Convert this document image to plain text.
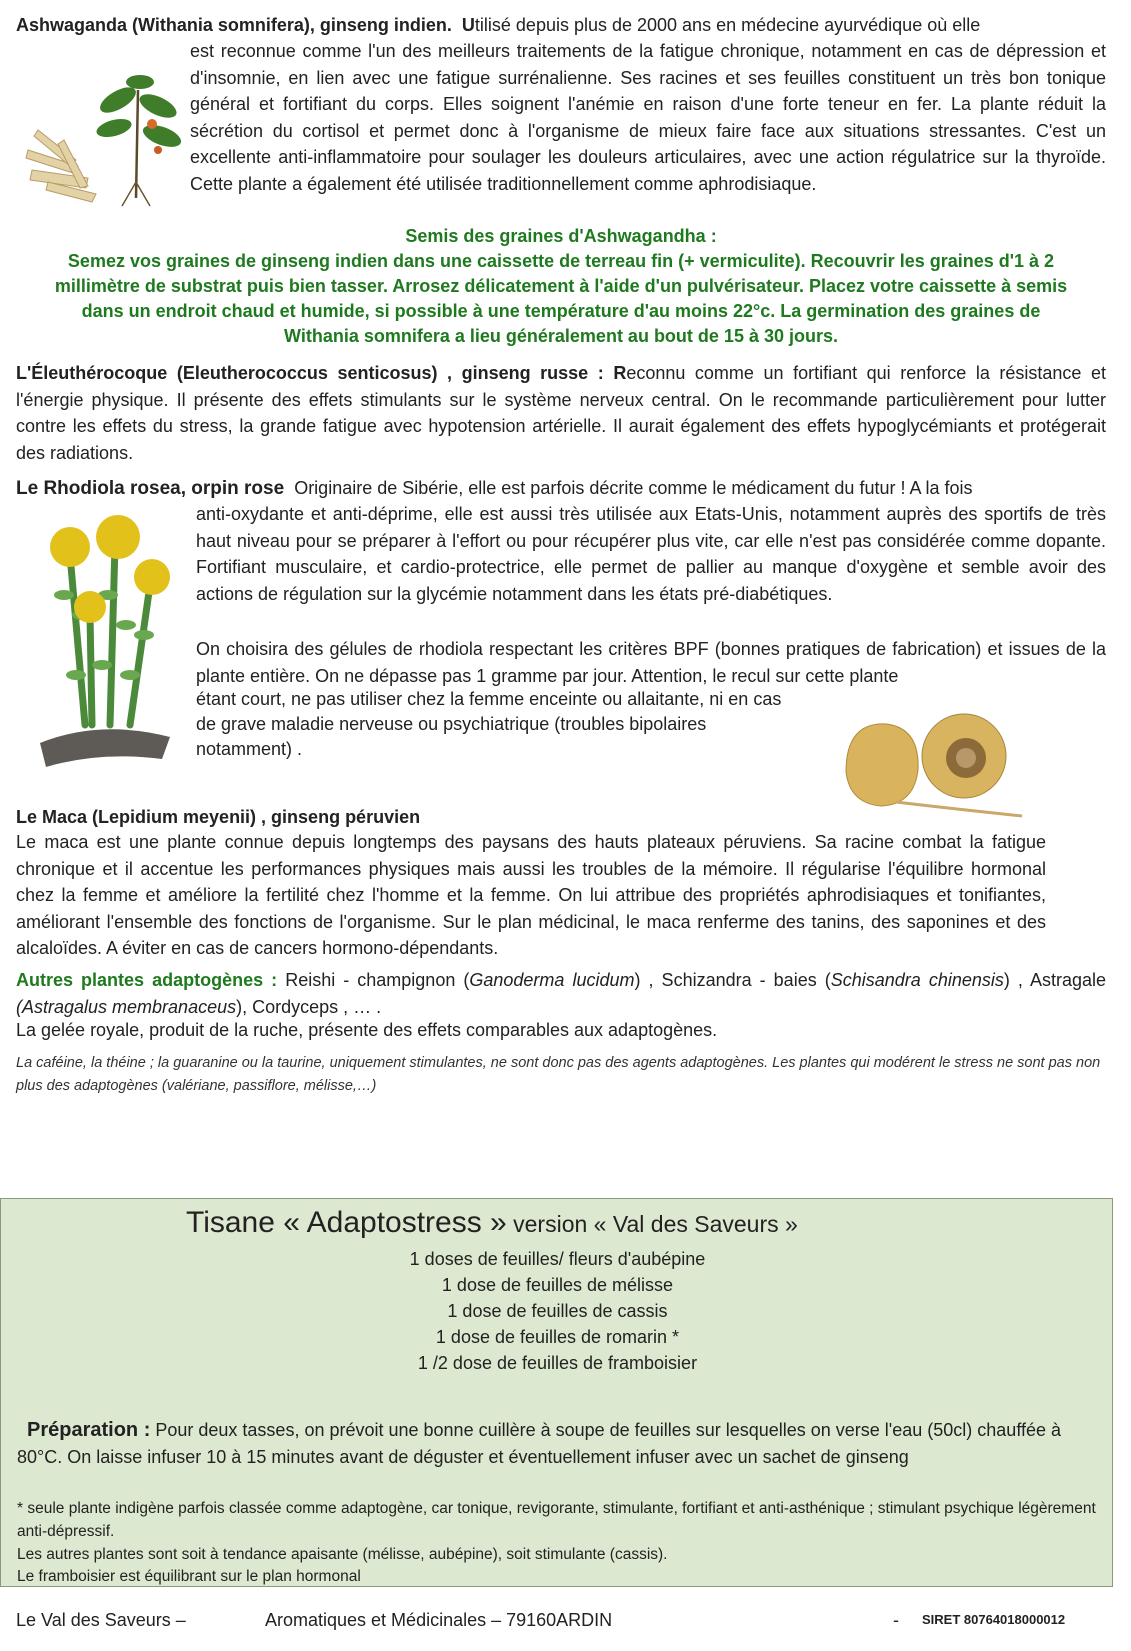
Ashwaganda (Withania somnifera), ginseng indien. Utilisé depuis plus de 2000 ans en médecine ayurvédique où elle
est reconnue comme l'un des meilleurs traitements de la fatigue chronique, notamment en cas de dépression et d'insomnie, en lien avec une fatigue surrénalienne. Ses racines et ses feuilles constituent un très bon tonique général et fortifiant du corps. Elles soignent l'anémie en raison d'une forte teneur en fer. La plante réduit la sécrétion du cortisol et permet donc à l'organisme de mieux faire face aux situations stressantes. C'est un excellente anti-inflammatoire pour soulager les douleurs articulaires, avec une action régulatrice sur la thyroïde. Cette plante a également été utilisée traditionnellement comme aphrodisiaque.
Semis des graines d'Ashwagandha :
Semez vos graines de ginseng indien dans une caissette de terreau fin (+ vermiculite). Recouvrir les graines d'1 à 2
millimètre de substrat puis bien tasser. Arrosez délicatement à l'aide d'un pulvérisateur. Placez votre caissette à semis
dans un endroit chaud et humide, si possible à une température d'au moins 22°c. La germination des graines de
Withania somnifera a lieu généralement au bout de 15 à 30 jours.
L'Éleuthérocoque (Eleutherococcus senticosus) , ginseng russe : Reconnu comme un fortifiant qui renforce la résistance et l'énergie physique. Il présente des effets stimulants sur le système nerveux central. On le recommande particulièrement pour lutter contre les effets du stress, la grande fatigue avec hypotension artérielle. Il aurait également des effets hypoglycémiants et protégerait des radiations.
Le Rhodiola rosea, orpin rose Originaire de Sibérie, elle est parfois décrite comme le médicament du futur ! A la fois
anti-oxydante et anti-déprime, elle est aussi très utilisée aux Etats-Unis, notamment auprès des sportifs de très haut niveau pour se préparer à l'effort ou pour récupérer plus vite, car elle n'est pas considérée comme dopante. Fortifiant musculaire, et cardio-protectrice, elle permet de pallier au manque d'oxygène et semble avoir des actions de régulation sur la glycémie notamment dans les états pré-diabétiques.
On choisira des gélules de rhodiola respectant les critères BPF (bonnes pratiques de fabrication) et issues de la plante entière. On ne dépasse pas 1 gramme par jour. Attention, le recul sur cette plante
étant court, ne pas utiliser chez la femme enceinte ou allaitante, ni en cas
de grave maladie nerveuse ou psychiatrique (troubles bipolaires
notamment) .
Le Maca (Lepidium meyenii) , ginseng péruvien
Le maca est une plante connue depuis longtemps des paysans des hauts plateaux péruviens. Sa racine combat la fatigue chronique et il accentue les performances physiques mais aussi les troubles de la mémoire. Il régularise l'équilibre hormonal chez la femme et améliore la fertilité chez l'homme et la femme. On lui attribue des propriétés aphrodisiaques et tonifiantes, améliorant l'ensemble des fonctions de l'organisme. Sur le plan médicinal, le maca renferme des tanins, des saponines et des alcaloïdes. A éviter en cas de cancers hormono-dépendants.
Autres plantes adaptogènes : Reishi - champignon (Ganoderma lucidum) , Schizandra - baies (Schisandra chinensis) , Astragale (Astragalus membranaceus), Cordyceps , … .
La gelée royale, produit de la ruche, présente des effets comparables aux adaptogènes.
La caféine, la théine ; la guaranine ou la taurine, uniquement stimulantes, ne sont donc pas des agents adaptogènes. Les plantes qui modérent le stress ne sont pas non plus des adaptogènes (valériane, passiflore, mélisse,…)
Tisane « Adaptostress » version « Val des Saveurs »
1 doses de feuilles/ fleurs d'aubépine
1 dose de feuilles de mélisse
1 dose de feuilles de cassis
1 dose de feuilles de romarin *
1 /2 dose de feuilles de framboisier
Préparation : Pour deux tasses, on prévoit une bonne cuillère à soupe de feuilles sur lesquelles on verse l'eau (50cl) chauffée à 80°C. On laisse infuser 10 à 15 minutes avant de déguster et éventuellement infuser avec un sachet de ginseng
* seule plante indigène parfois classée comme adaptogène, car tonique, revigorante, stimulante, fortifiant et anti-asthénique ; stimulant psychique légèrement anti-dépressif.
Les autres plantes sont soit à tendance apaisante (mélisse, aubépine), soit stimulante (cassis).
Le framboisier est équilibrant sur le plan hormonal
Le Val des Saveurs –	Aromatiques et Médicinales – 79160ARDIN	- SIRET 80764018000012
